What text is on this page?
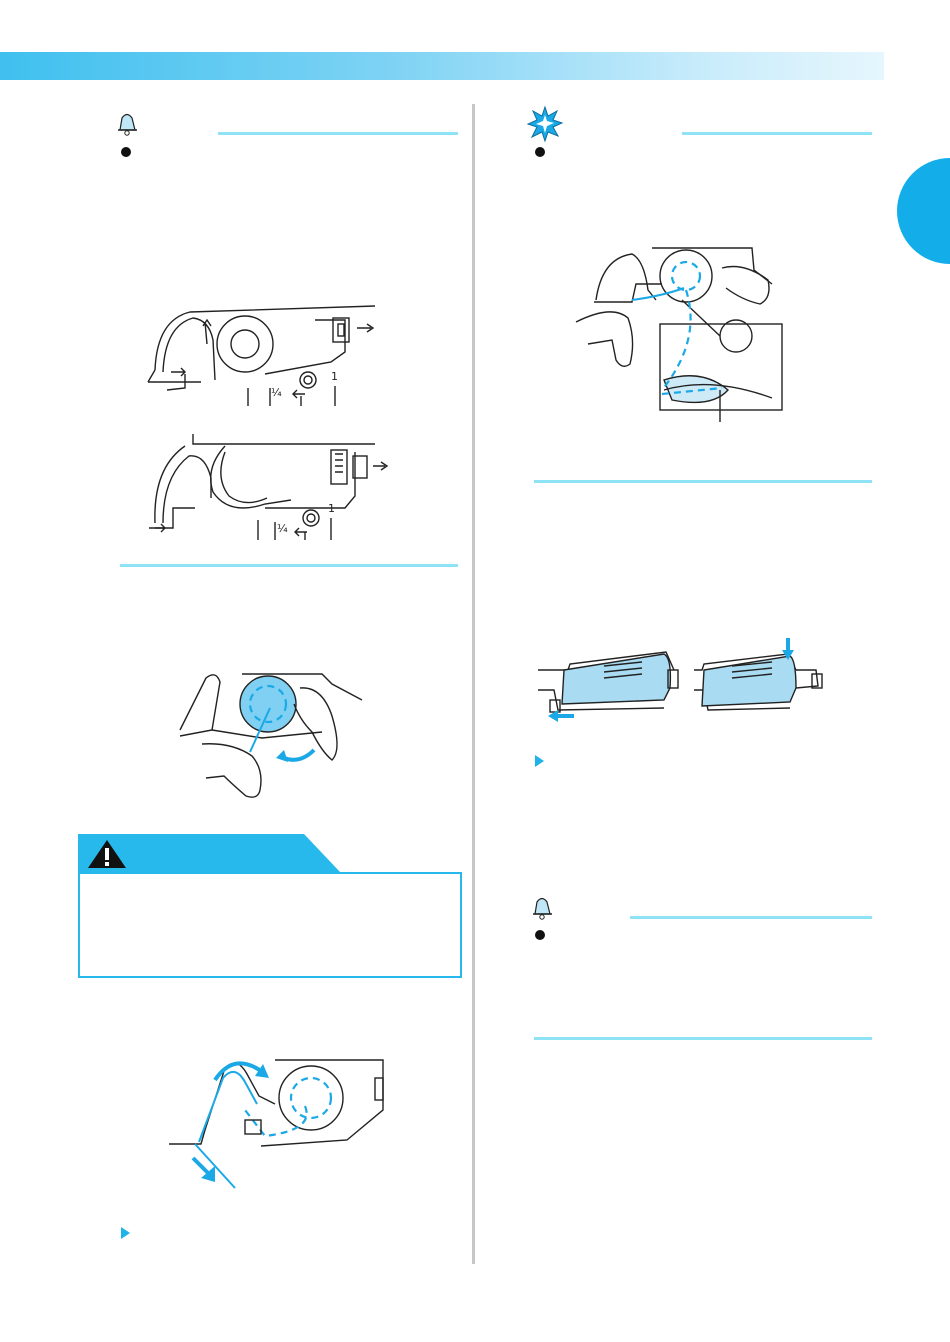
¼
1
¼
1
